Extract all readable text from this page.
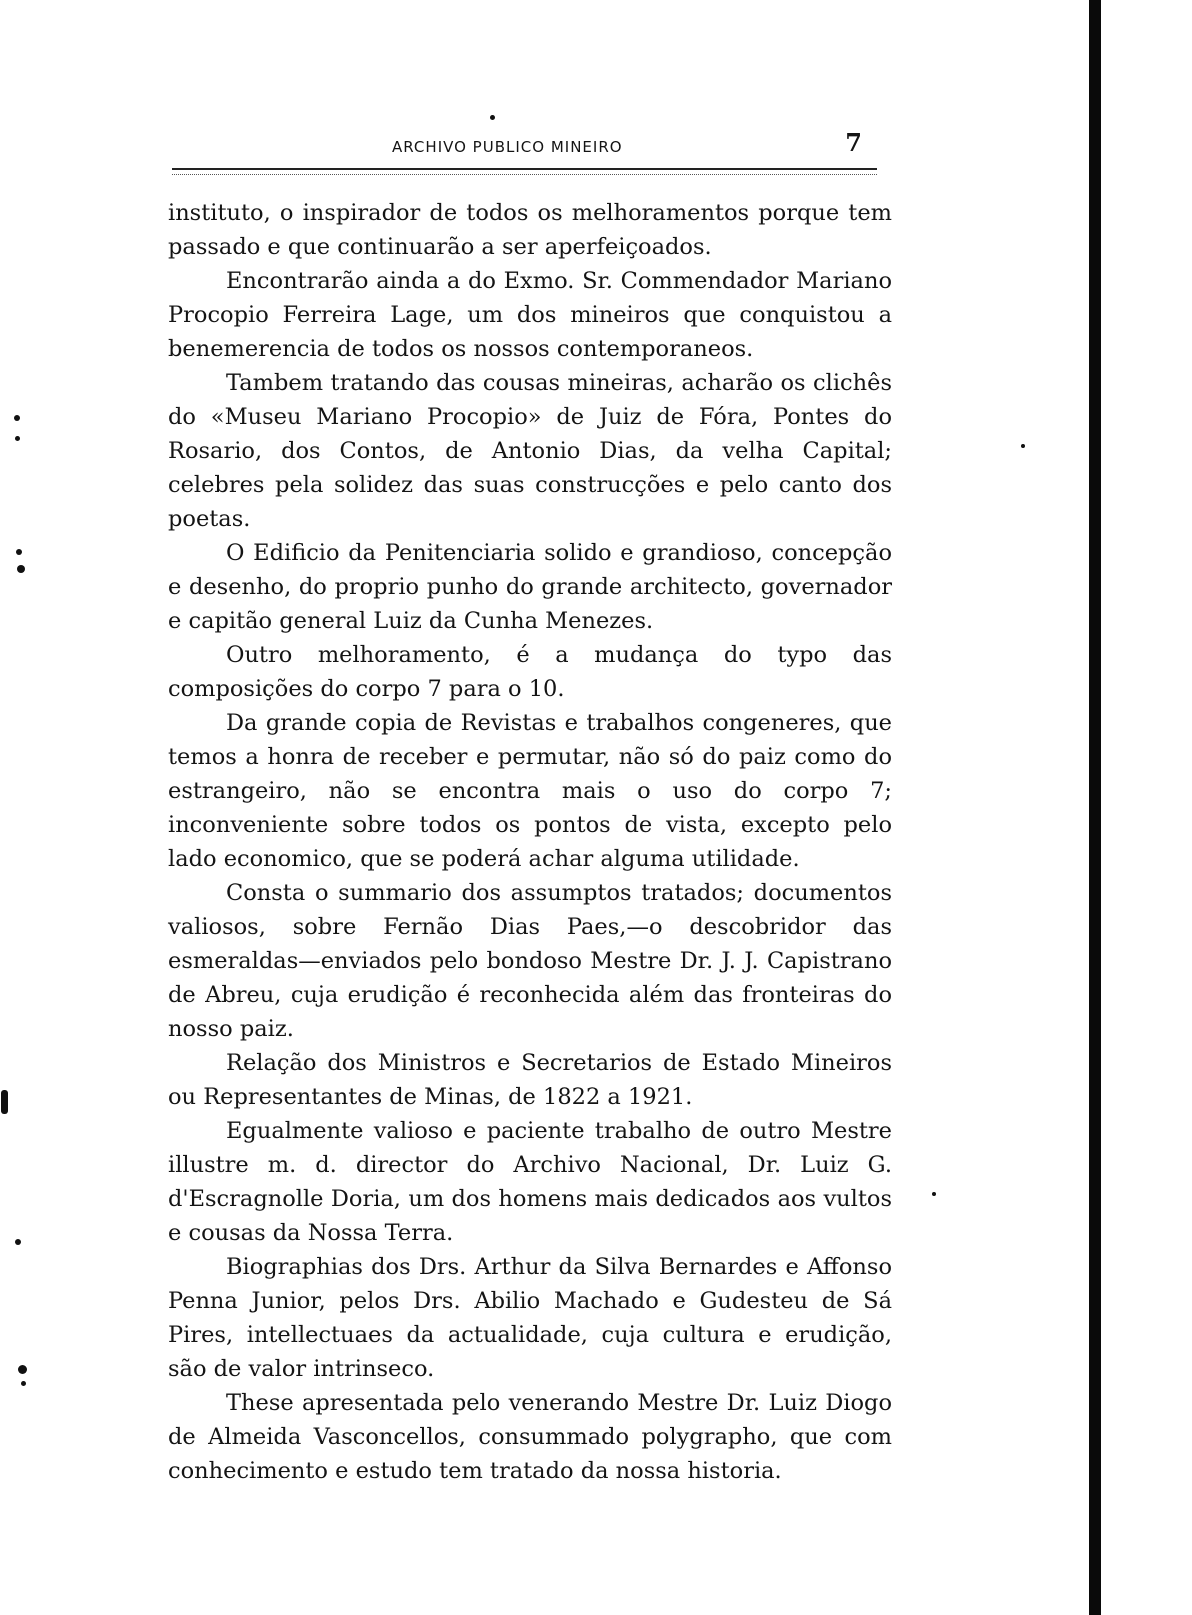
ARCHIVO PUBLICO MINEIRO	7

instituto, o inspirador de todos os melhoramentos porque tem passado e que continuarão a ser aperfeiçoados.

Encontrarão ainda a do Exmo. Sr. Commendador Mariano Procopio Ferreira Lage, um dos mineiros que conquistou a benemerencia de todos os nossos contemporaneos.

Tambem tratando das cousas mineiras, acharão os clichês do «Museu Mariano Procopio» de Juiz de Fóra, Pontes do Rosario, dos Contos, de Antonio Dias, da velha Capital; celebres pela solidez das suas construcções e pelo canto dos poetas.

O Edificio da Penitenciaria solido e grandioso, concepção e desenho, do proprio punho do grande architecto, governador e capitão general Luiz da Cunha Menezes.

Outro melhoramento, é a mudança do typo das composições do corpo 7 para o 10.

Da grande copia de Revistas e trabalhos congeneres, que temos a honra de receber e permutar, não só do paiz como do estrangeiro, não se encontra mais o uso do corpo 7; inconveniente sobre todos os pontos de vista, excepto pelo lado economico, que se poderá achar alguma utilidade.

Consta o summario dos assumptos tratados; documentos valiosos, sobre Fernão Dias Paes,—o descobridor das esmeraldas—enviados pelo bondoso Mestre Dr. J. J. Capistrano de Abreu, cuja erudição é reconhecida além das fronteiras do nosso paiz.

Relação dos Ministros e Secretarios de Estado Mineiros ou Representantes de Minas, de 1822 a 1921.

Egualmente valioso e paciente trabalho de outro Mestre illustre m. d. director do Archivo Nacional, Dr. Luiz G. d'Escragnolle Doria, um dos homens mais dedicados aos vultos e cousas da Nossa Terra.

Biographias dos Drs. Arthur da Silva Bernardes e Affonso Penna Junior, pelos Drs. Abilio Machado e Gudesteu de Sá Pires, intellectuaes da actualidade, cuja cultura e erudição, são de valor intrinseco.

These apresentada pelo venerando Mestre Dr. Luiz Diogo de Almeida Vasconcellos, consummado polygrapho, que com conhecimento e estudo tem tratado da nossa historia.
